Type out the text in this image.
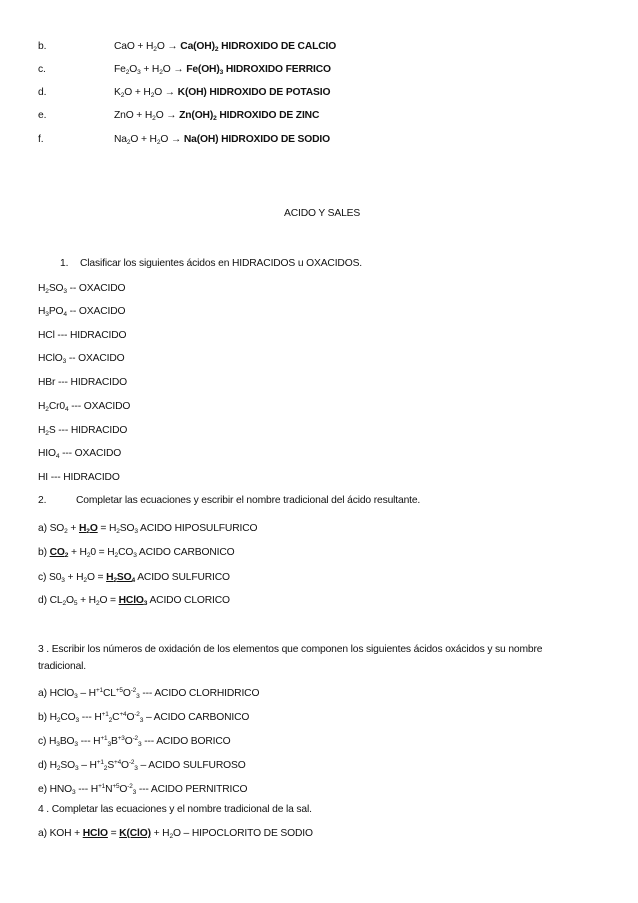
b.	CaO + $H_2O \to Ca(OH)_2$ HIDROXIDO DE CALCIO
c.	$Fe_2O_3 + H_2O \to Fe(OH)_3$ HIDROXIDO FERRICO
d.	$K_2O + H_2O \to K(OH)$ HIDROXIDO DE POTASIO
e.	ZnO + $H_2O \to Zn(OH)_2$ HIDROXIDO DE ZINC
f.	$Na_2O + H_2O \to Na(OH)$ HIDROXIDO DE SODIO
ACIDO Y SALES
1. Clasificar los siguientes ácidos en HIDRACIDOS u OXACIDOS.
$H_2SO_3$ -- OXACIDO
$H_3PO_4$ -- OXACIDO
HCl --- HIDRACIDO
HClO$_3$ -- OXACIDO
HBr --- HIDRACIDO
$H_2Cr0_4$ --- OXACIDO
$H_2S$ --- HIDRACIDO
$HIO_4$ --- OXACIDO
HI --- HIDRACIDO
2.	Completar las ecuaciones y escribir el nombre tradicional del ácido resultante.
a) $SO_2 + H_2O = H_2SO_3$ ACIDO HIPOSULFURICO
b) $CO_2 + H_20 = H_2CO_3$ ACIDO CARBONICO
c) $S0_3 + H_2O = H_2SO_4$ ACIDO SULFURICO
d) $CL_2O_5 + H_2O$ = HClO$_3$ ACIDO CLORICO
3 . Escribir los números de oxidación de los elementos que componen los siguientes ácidos oxácidos y su nombre
tradicional.
a) HClO$_3$ – $H^{+1}CL^{+5}O^{-2}_3$ --- ACIDO CLORHIDRICO
b) $H_2CO_3$ --- $H^{+1}_2C^{+4}O^{-2}_3$ – ACIDO CARBONICO
c) $H_3BO_3$ --- $H^{+1}_3B^{+3}O^{-2}_3$ --- ACIDO BORICO
d) $H_2SO_3 - H^{+1}_2S^{+4}O^{-2}_3$ – ACIDO SULFUROSO
e) $HNO_3$ --- $H^{+1}N^{+5}O^{-2}_3$ --- ACIDO PERNITRICO
4 . Completar las ecuaciones y el nombre tradicional de la sal.
a) KOH + HClO = $K(ClO) + H_2O$ – HIPOCLORITO DE SODIO
